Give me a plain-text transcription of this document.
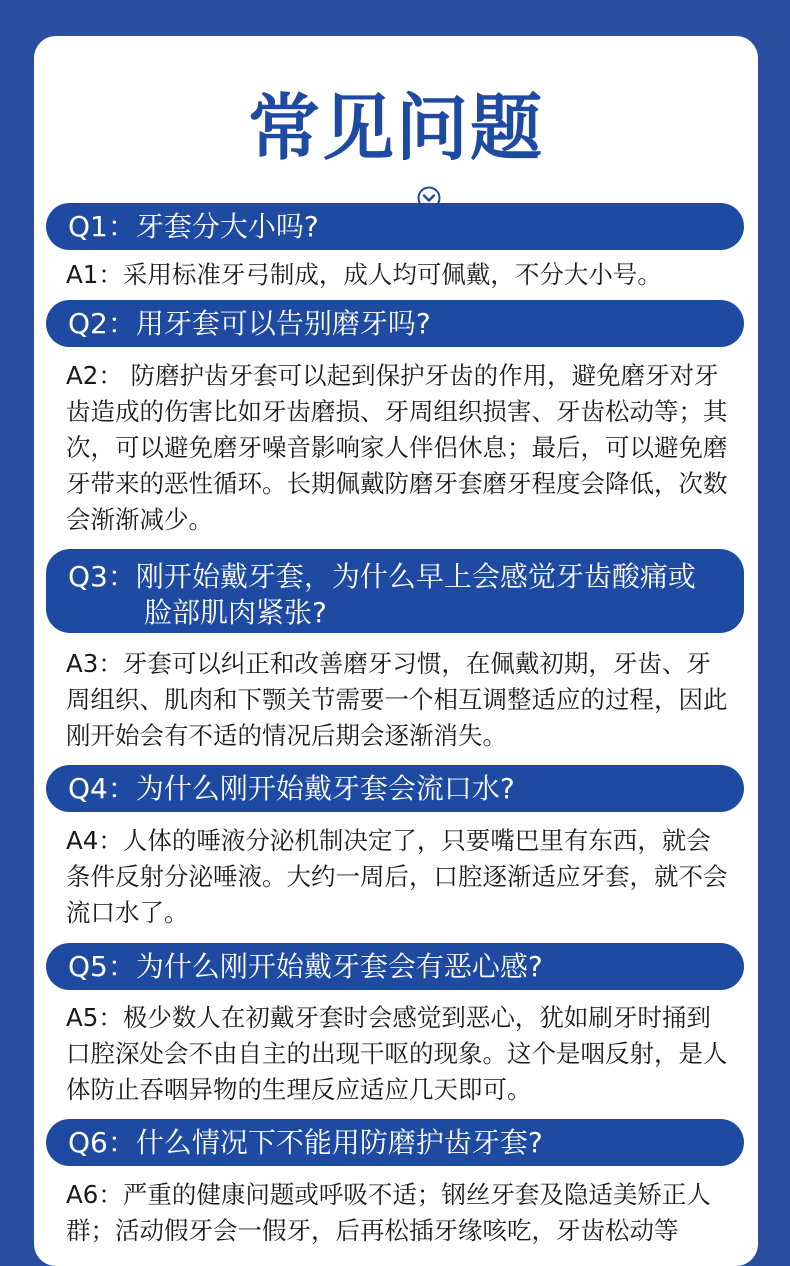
常见问题
Q1：牙套分大小吗?
A1：采用标准牙弓制成，成人均可佩戴，不分大小号。
Q2：用牙套可以告别磨牙吗?
A2： 防磨护齿牙套可以起到保护牙齿的作用，避免磨牙对牙齿造成的伤害比如牙齿磨损、牙周组织损害、牙齿松动等；其次，可以避免磨牙噪音影响家人伴侣休息；最后，可以避免磨牙带来的恶性循环。长期佩戴防磨牙套磨牙程度会降低，次数会渐渐减少。
Q3：刚开始戴牙套，为什么早上会感觉牙齿酸痛或脸部肌肉紧张?
A3：牙套可以纠正和改善磨牙习惯，在佩戴初期，牙齿、牙周组织、肌肉和下颚关节需要一个相互调整适应的过程，因此刚开始会有不适的情况后期会逐渐消失。
Q4：为什么刚开始戴牙套会流口水?
A4：人体的唾液分泌机制决定了，只要嘴巴里有东西，就会条件反射分泌唾液。大约一周后，口腔逐渐适应牙套，就不会流口水了。
Q5：为什么刚开始戴牙套会有恶心感?
A5：极少数人在初戴牙套时会感觉到恶心，犹如刷牙时捅到口腔深处会不由自主的出现干呕的现象。这个是咽反射，是人体防止吞咽异物的生理反应适应几天即可。
Q6：什么情况下不能用防磨护齿牙套?
A6：严重的健康问题或呼吸不适；钢丝牙套及隐适美矫正人群；活动假牙会一假牙，后再松插牙缘咳吃，牙齿松动等
